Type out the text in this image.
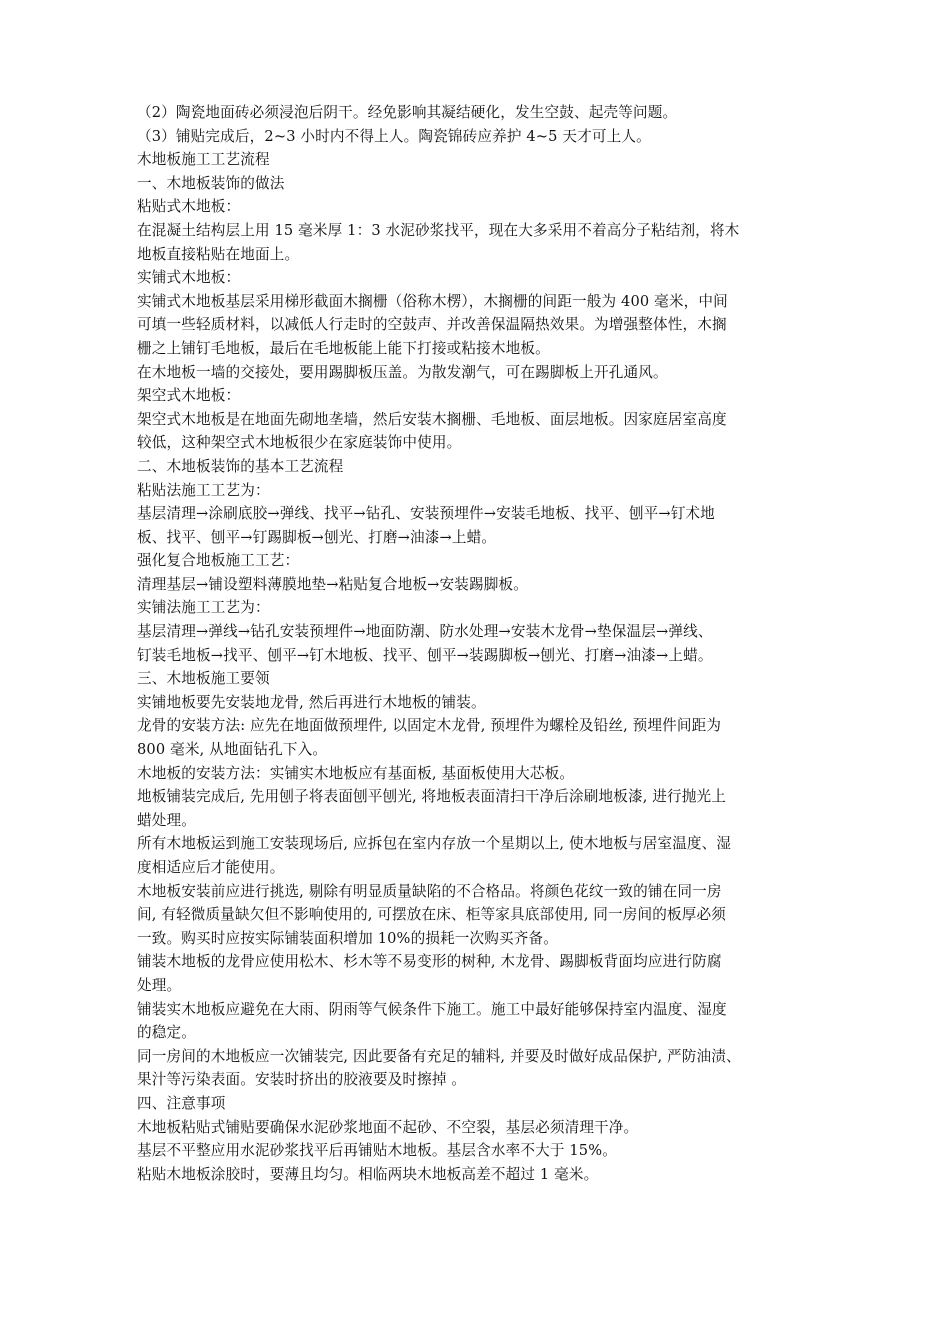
（2）陶瓷地面砖必须浸泡后阴干。经免影响其凝结硬化，发生空鼓、起壳等问题。

（3）铺贴完成后，2~3 小时内不得上人。陶瓷锦砖应养护 4~5 天才可上人。

木地板施工工艺流程

一、木地板装饰的做法

粘贴式木地板：

在混凝土结构层上用 15 毫米厚 1：3 水泥砂浆找平，现在大多采用不着高分子粘结剂，将木

地板直接粘贴在地面上。

实铺式木地板：

实铺式木地板基层采用梯形截面木搁栅（俗称木楞），木搁栅的间距一般为 400 毫米，中间

可填一些轻质材料，以减低人行走时的空鼓声、并改善保温隔热效果。为增强整体性，木搁

栅之上铺钉毛地板，最后在毛地板能上能下打接或粘接木地板。

在木地板一墙的交接处，要用踢脚板压盖。为散发潮气，可在踢脚板上开孔通风。

架空式木地板：

架空式木地板是在地面先砌地垄墙，然后安装木搁栅、毛地板、面层地板。因家庭居室高度

较低，这种架空式木地板很少在家庭装饰中使用。

二、木地板装饰的基本工艺流程

粘贴法施工工艺为：

基层清理→涂刷底胶→弹线、找平→钻孔、安装预埋件→安装毛地板、找平、刨平→钉术地

板、找平、刨平→钉踢脚板→刨光、打磨→油漆→上蜡。

强化复合地板施工工艺：

清理基层→铺设塑料薄膜地垫→粘贴复合地板→安装踢脚板。

实铺法施工工艺为：

基层清理→弹线→钻孔安装预埋件→地面防潮、防水处理→安装木龙骨→垫保温层→弹线、

钉装毛地板→找平、刨平→钉木地板、找平、刨平→装踢脚板→刨光、打磨→油漆→上蜡。

三、木地板施工要领

实铺地板要先安装地龙骨, 然后再进行木地板的铺装。

龙骨的安装方法: 应先在地面做预埋件, 以固定木龙骨, 预埋件为螺栓及铅丝, 预埋件间距为

800 毫米, 从地面钻孔下入。

木地板的安装方法：实铺实木地板应有基面板, 基面板使用大芯板。

地板铺装完成后, 先用刨子将表面刨平刨光, 将地板表面清扫干净后涂刷地板漆, 进行抛光上

蜡处理。

所有木地板运到施工安装现场后, 应拆包在室内存放一个星期以上, 使木地板与居室温度、湿

度相适应后才能使用。

木地板安装前应进行挑选, 剔除有明显质量缺陷的不合格品。将颜色花纹一致的铺在同一房

间, 有轻微质量缺欠但不影响使用的, 可摆放在床、柜等家具底部使用, 同一房间的板厚必须

一致。购买时应按实际铺装面积增加 10%的损耗一次购买齐备。

铺装木地板的龙骨应使用松木、杉木等不易变形的树种, 木龙骨、踢脚板背面均应进行防腐

处理。

铺装实木地板应避免在大雨、阴雨等气候条件下施工。施工中最好能够保持室内温度、湿度

的稳定。

同一房间的木地板应一次铺装完, 因此要备有充足的辅料, 并要及时做好成品保护, 严防油渍、

果汁等污染表面。安装时挤出的胶液要及时擦掉 。

四、注意事项

木地板粘贴式铺贴要确保水泥砂浆地面不起砂、不空裂，基层必须清理干净。

基层不平整应用水泥砂浆找平后再铺贴木地板。基层含水率不大于 15%。

粘贴木地板涂胶时，要薄且均匀。相临两块木地板高差不超过 1 毫米。
